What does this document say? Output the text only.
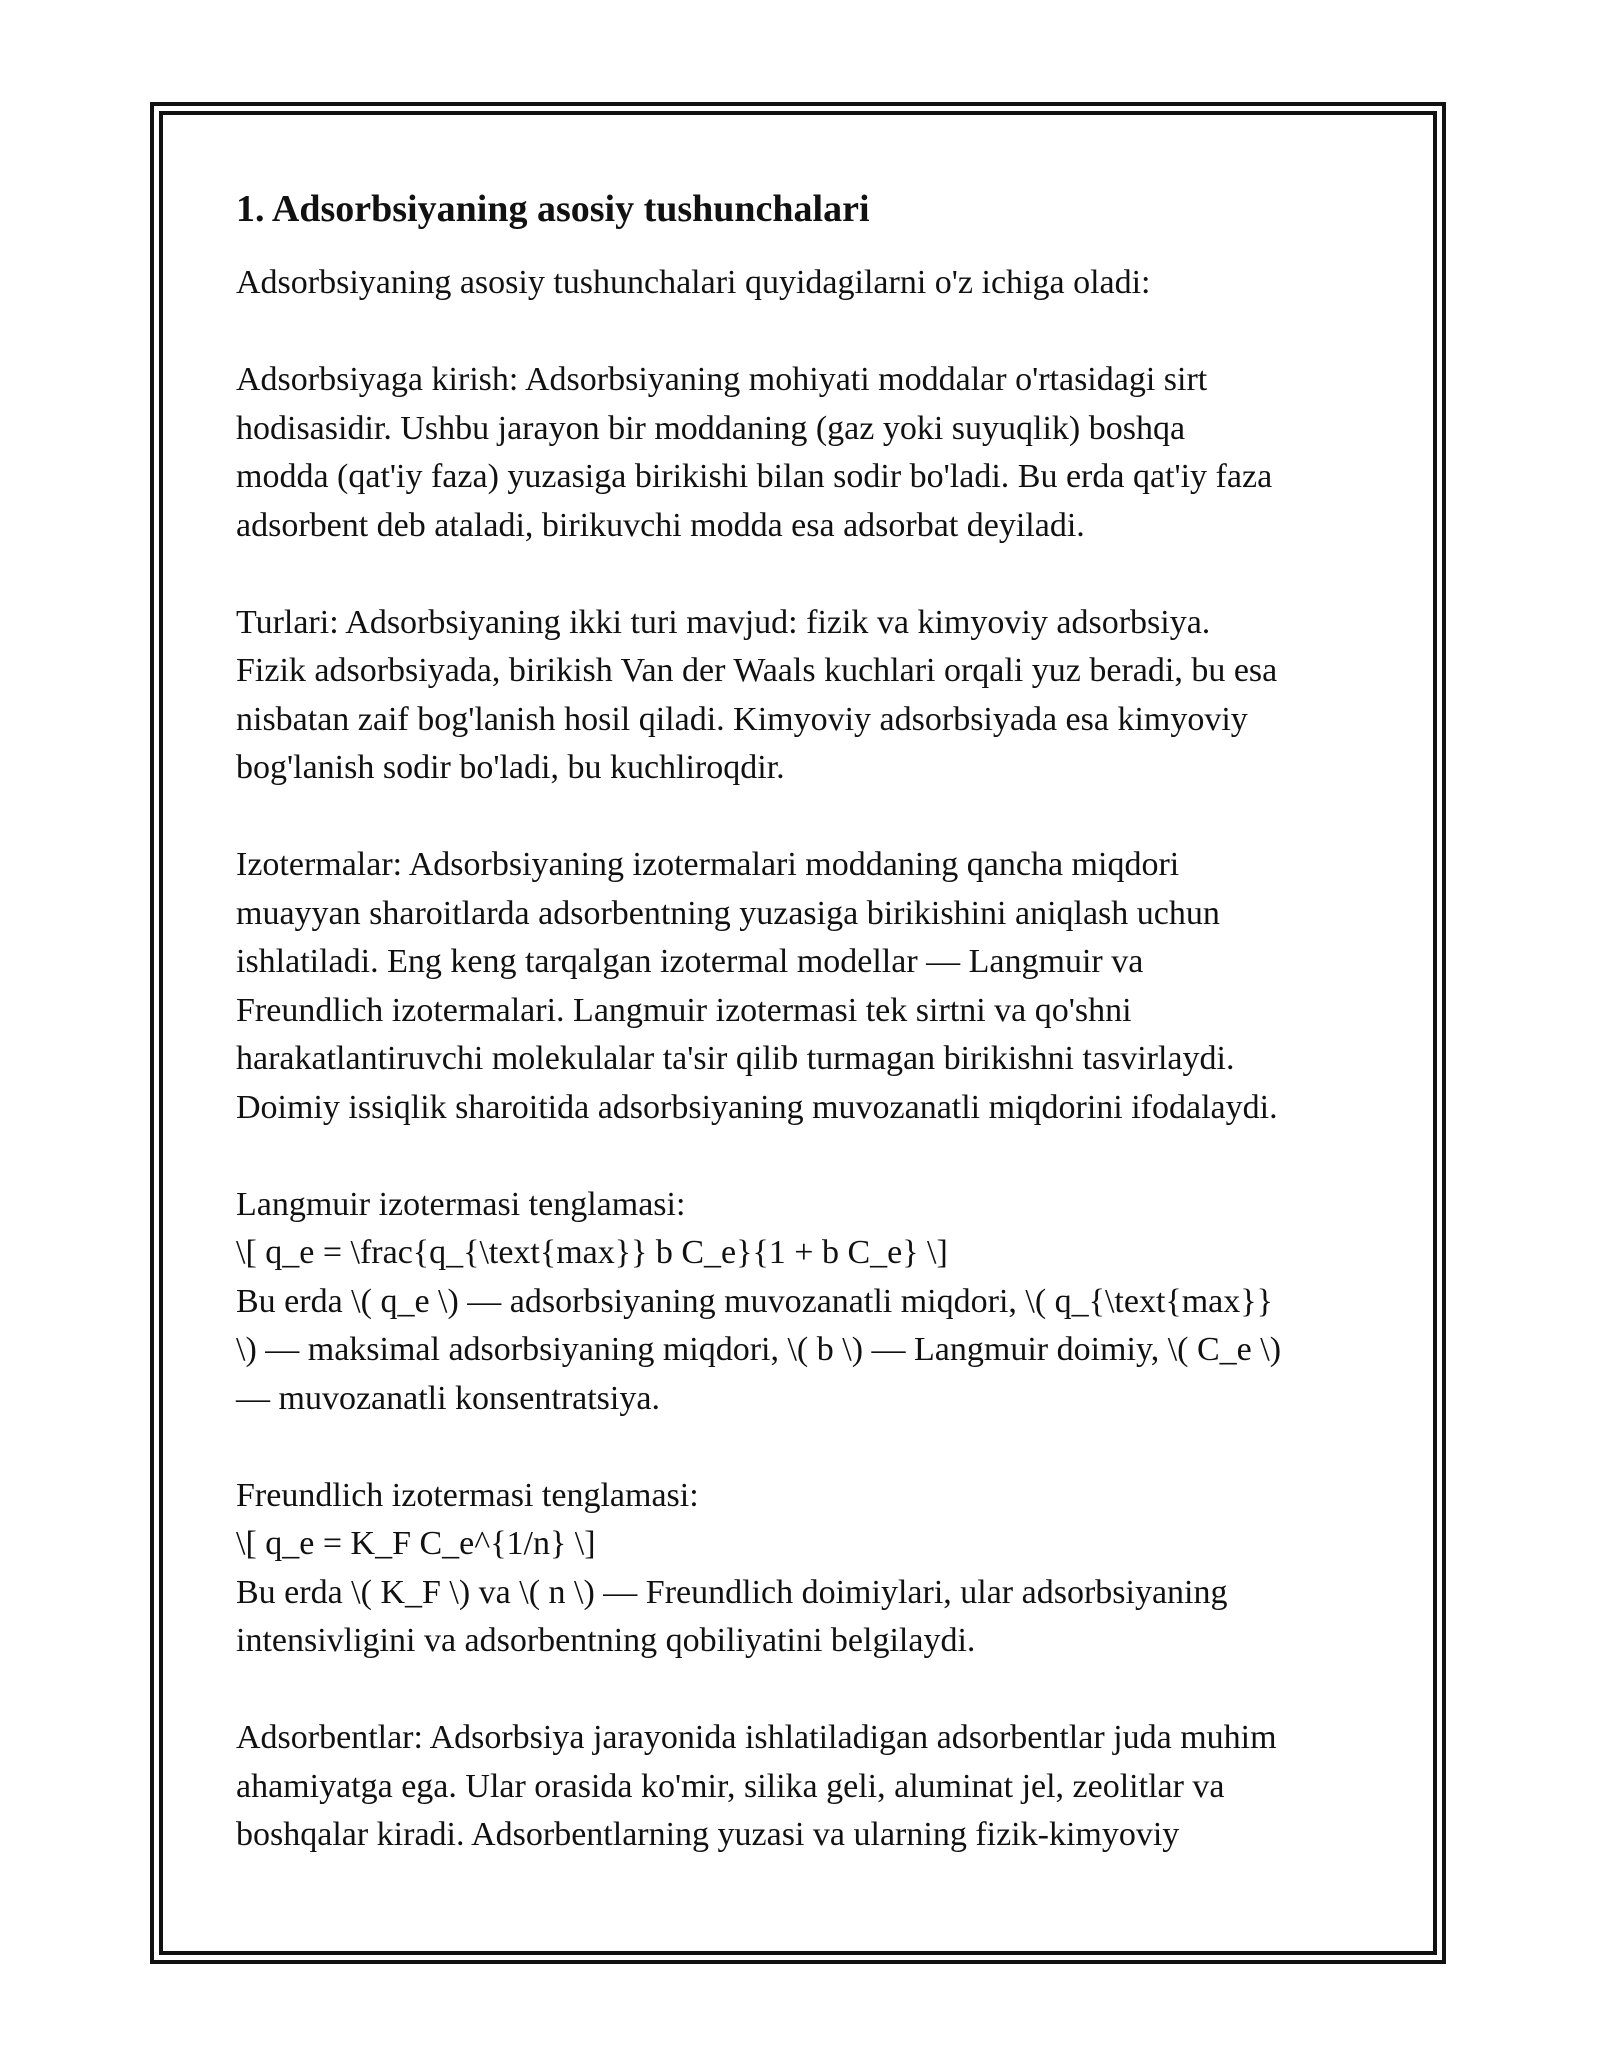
1. Adsorbsiyaning asosiy tushunchalari

Adsorbsiyaning asosiy tushunchalari quyidagilarni o'z ichiga oladi:

Adsorbsiyaga kirish: Adsorbsiyaning mohiyati moddalar o'rtasidagi sirt
hodisasidir. Ushbu jarayon bir moddaning (gaz yoki suyuqlik) boshqa
modda (qat'iy faza) yuzasiga birikishi bilan sodir bo'ladi. Bu erda qat'iy faza
adsorbent deb ataladi, birikuvchi modda esa adsorbat deyiladi.

Turlari: Adsorbsiyaning ikki turi mavjud: fizik va kimyoviy adsorbsiya.
Fizik adsorbsiyada, birikish Van der Waals kuchlari orqali yuz beradi, bu esa
nisbatan zaif bog'lanish hosil qiladi. Kimyoviy adsorbsiyada esa kimyoviy
bog'lanish sodir bo'ladi, bu kuchliroqdir.

Izotermalar: Adsorbsiyaning izotermalari moddaning qancha miqdori
muayyan sharoitlarda adsorbentning yuzasiga birikishini aniqlash uchun
ishlatiladi. Eng keng tarqalgan izotermal modellar — Langmuir va
Freundlich izotermalari. Langmuir izotermasi tek sirtni va qo'shni
harakatlantiruvchi molekulalar ta'sir qilib turmagan birikishni tasvirlaydi.
Doimiy issiqlik sharoitida adsorbsiyaning muvozanatli miqdorini ifodalaydi.

Langmuir izotermasi tenglamasi:
\[ q_e = \frac{q_{\text{max}} b C_e}{1 + b C_e} \]
Bu erda \( q_e \) — adsorbsiyaning muvozanatli miqdori, \( q_{\text{max}}
\) — maksimal adsorbsiyaning miqdori, \( b \) — Langmuir doimiy, \( C_e \)
— muvozanatli konsentratsiya.

Freundlich izotermasi tenglamasi:
\[ q_e = K_F C_e^{1/n} \]
Bu erda \( K_F \) va \( n \) — Freundlich doimiylari, ular adsorbsiyaning
intensivligini va adsorbentning qobiliyatini belgilaydi.

Adsorbentlar: Adsorbsiya jarayonida ishlatiladigan adsorbentlar juda muhim
ahamiyatga ega. Ular orasida ko'mir, silika geli, aluminat jel, zeolitlar va
boshqalar kiradi. Adsorbentlarning yuzasi va ularning fizik-kimyoviy
